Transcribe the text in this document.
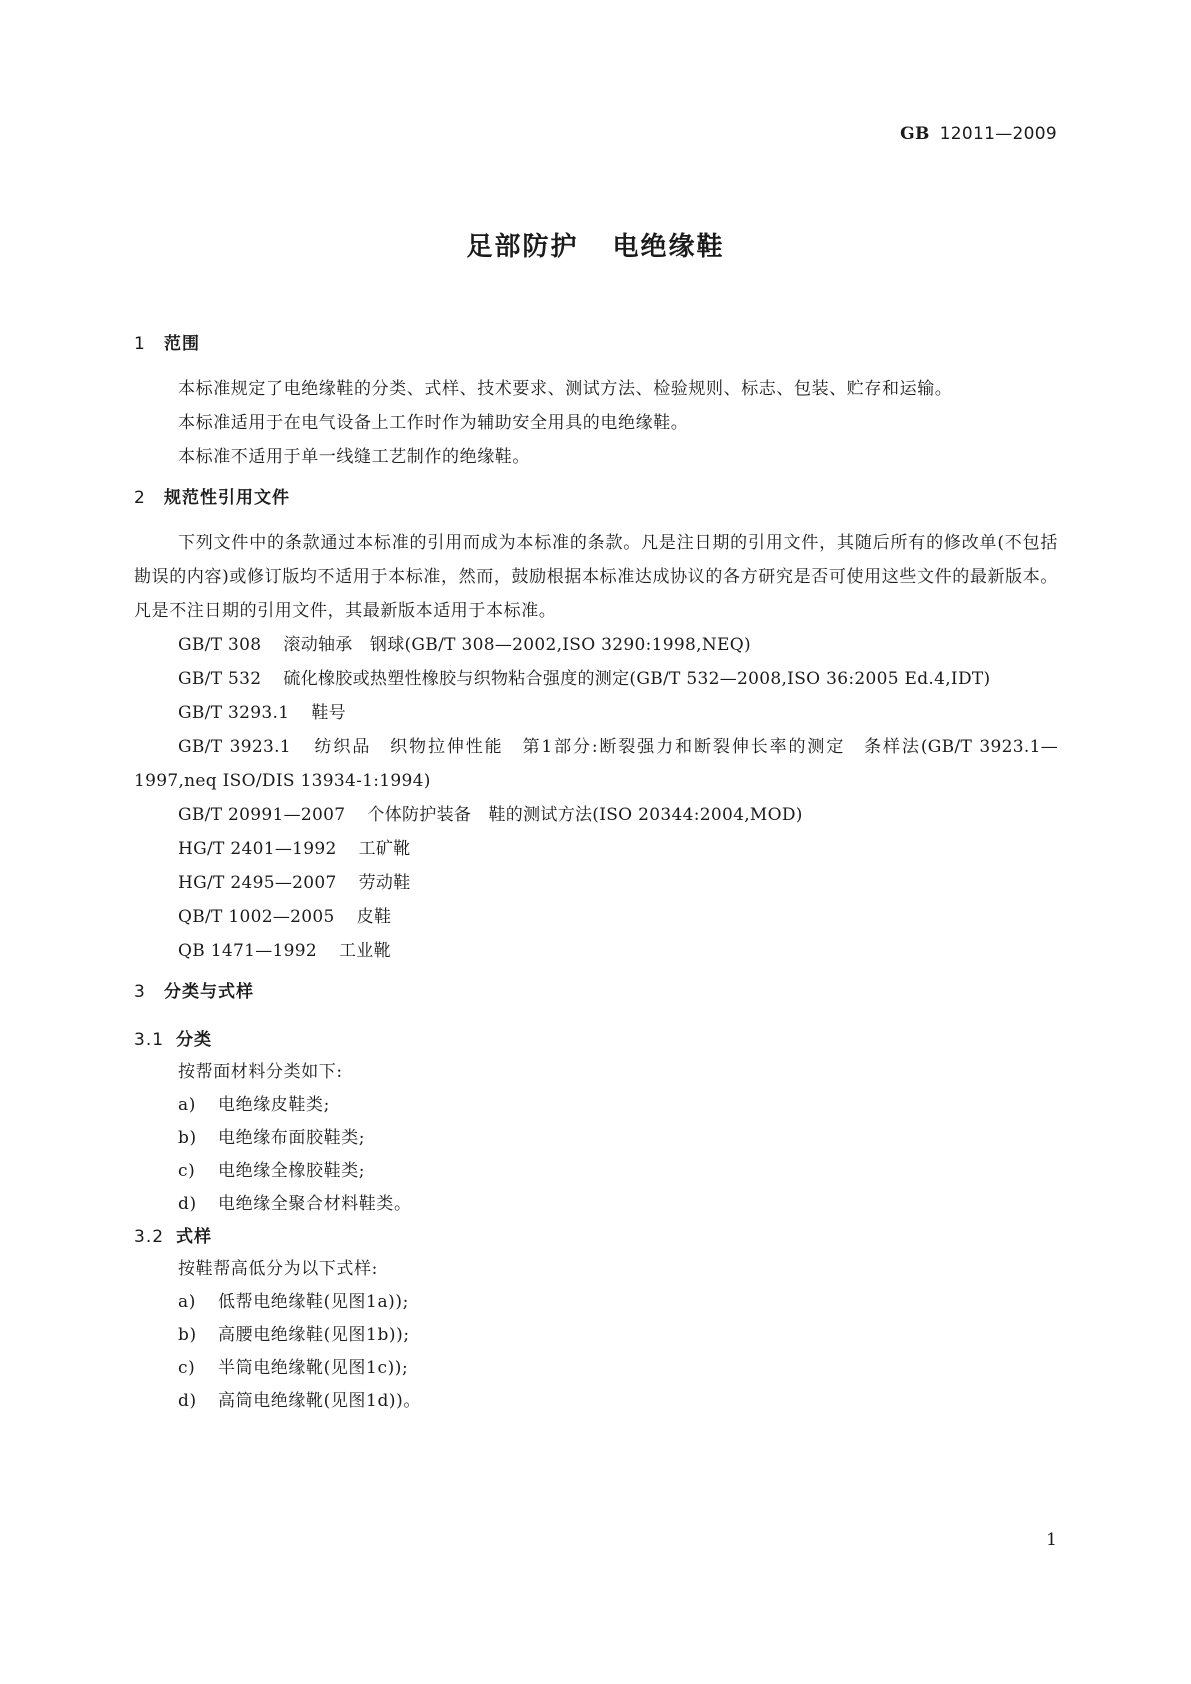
GB 12011—2009
足部防护 电绝缘鞋
1 范围

本标准规定了电绝缘鞋的分类、式样、技术要求、测试方法、检验规则、标志、包装、贮存和运输。

本标准适用于在电气设备上工作时作为辅助安全用具的电绝缘鞋。

本标准不适用于单一线缝工艺制作的绝缘鞋。

2 规范性引用文件

下列文件中的条款通过本标准的引用而成为本标准的条款。凡是注日期的引用文件，其随后所有的修改单(不包括勘误的内容)或修订版均不适用于本标准，然而，鼓励根据本标准达成协议的各方研究是否可使用这些文件的最新版本。凡是不注日期的引用文件，其最新版本适用于本标准。

GB/T 308 滚动轴承　钢球(GB/T 308—2002,ISO 3290:1998,NEQ)

GB/T 532 硫化橡胶或热塑性橡胶与织物粘合强度的测定(GB/T 532—2008,ISO 36:2005 Ed.4,IDT)

GB/T 3293.1 鞋号

GB/T 3923.1 纺织品　织物拉伸性能　第1部分:断裂强力和断裂伸长率的测定　条样法(GB/T 3923.1—1997,neq ISO/DIS 13934-1:1994)

GB/T 20991—2007 个体防护装备　鞋的测试方法(ISO 20344:2004,MOD)

HG/T 2401—1992 工矿靴

HG/T 2495—2007 劳动鞋

QB/T 1002—2005 皮鞋

QB 1471—1992 工业靴

3 分类与式样
3.1 分类

按帮面材料分类如下:

a) 电绝缘皮鞋类;

b) 电绝缘布面胶鞋类;

c) 电绝缘全橡胶鞋类;

d) 电绝缘全聚合材料鞋类。

3.2 式样

按鞋帮高低分为以下式样:

a) 低帮电绝缘鞋(见图1a));

b) 高腰电绝缘鞋(见图1b));

c) 半筒电绝缘靴(见图1c));

d) 高筒电绝缘靴(见图1d))。

1
